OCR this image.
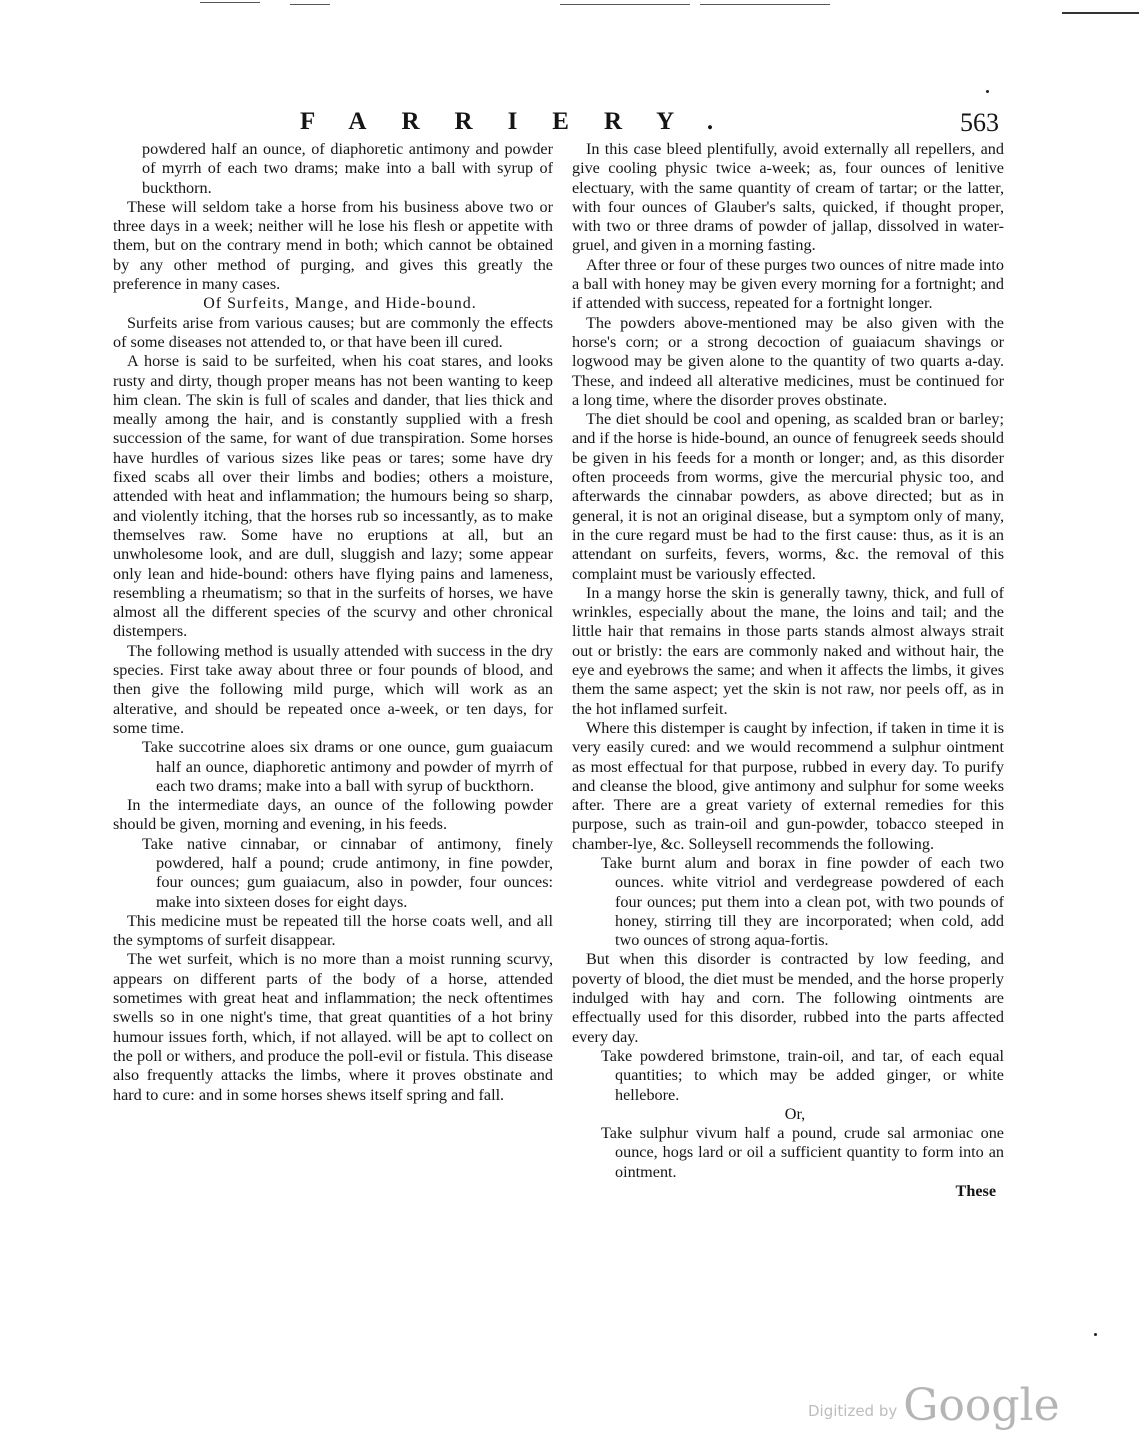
FARRIERY.	563

powdered half an ounce, of diaphoretic antimony and powder of myrrh of each two drams; make into a ball with syrup of buckthorn.

These will seldom take a horse from his business above two or three days in a week; neither will he lose his flesh or appetite with them, but on the contrary mend in both; which cannot be obtained by any other method of purging, and gives this greatly the preference in many cases.

Of Surfeits, Mange, and Hide-bound.

Surfeits arise from various causes; but are commonly the effects of some diseases not attended to, or that have been ill cured.

A horse is said to be surfeited, when his coat stares, and looks rusty and dirty, though proper means has not been wanting to keep him clean. The skin is full of scales and dander, that lies thick and meally among the hair, and is constantly supplied with a fresh succession of the same, for want of due transpiration. Some horses have hurdles of various sizes like peas or tares; some have dry fixed scabs all over their limbs and bodies; others a moisture, attended with heat and inflammation; the humours being so sharp, and violently itching, that the horses rub so incessantly, as to make themselves raw. Some have no eruptions at all, but an unwholesome look, and are dull, sluggish and lazy; some appear only lean and hide-bound: others have flying pains and lameness, resembling a rheumatism; so that in the surfeits of horses, we have almost all the different species of the scurvy and other chronical distempers.

The following method is usually attended with success in the dry species. First take away about three or four pounds of blood, and then give the following mild purge, which will work as an alterative, and should be repeated once a-week, or ten days, for some time.

Take succotrine aloes six drams or one ounce, gum guaiacum half an ounce, diaphoretic antimony and powder of myrrh of each two drams; make into a ball with syrup of buckthorn.

In the intermediate days, an ounce of the following powder should be given, morning and evening, in his feeds.

Take native cinnabar, or cinnabar of antimony, finely powdered, half a pound; crude antimony, in fine powder, four ounces; gum guaiacum, also in powder, four ounces: make into sixteen doses for eight days.

This medicine must be repeated till the horse coats well, and all the symptoms of surfeit disappear.

The wet surfeit, which is no more than a moist running scurvy, appears on different parts of the body of a horse, attended sometimes with great heat and inflammation; the neck oftentimes swells so in one night's time, that great quantities of a hot briny humour issues forth, which, if not allayed. will be apt to collect on the poll or withers, and produce the poll-evil or fistula. This disease also frequently attacks the limbs, where it proves obstinate and hard to cure: and in some horses shews itself spring and fall.

In this case bleed plentifully, avoid externally all repellers, and give cooling physic twice a-week; as, four ounces of lenitive electuary, with the same quantity of cream of tartar; or the latter, with four ounces of Glauber's salts, quicked, if thought proper, with two or three drams of powder of jallap, dissolved in water-gruel, and given in a morning fasting.

After three or four of these purges two ounces of nitre made into a ball with honey may be given every morning for a fortnight; and if attended with success, repeated for a fortnight longer.

The powders above-mentioned may be also given with the horse's corn; or a strong decoction of guaiacum shavings or logwood may be given alone to the quantity of two quarts a-day. These, and indeed all alterative medicines, must be continued for a long time, where the disorder proves obstinate.

The diet should be cool and opening, as scalded bran or barley; and if the horse is hide-bound, an ounce of fenugreek seeds should be given in his feeds for a month or longer; and, as this disorder often proceeds from worms, give the mercurial physic too, and afterwards the cinnabar powders, as above directed; but as in general, it is not an original disease, but a symptom only of many, in the cure regard must be had to the first cause: thus, as it is an attendant on surfeits, fevers, worms, &c. the removal of this complaint must be variously effected.

In a mangy horse the skin is generally tawny, thick, and full of wrinkles, especially about the mane, the loins and tail; and the little hair that remains in those parts stands almost always strait out or bristly: the ears are commonly naked and without hair, the eye and eyebrows the same; and when it affects the limbs, it gives them the same aspect; yet the skin is not raw, nor peels off, as in the hot inflamed surfeit.

Where this distemper is caught by infection, if taken in time it is very easily cured: and we would recommend a sulphur ointment as most effectual for that purpose, rubbed in every day. To purify and cleanse the blood, give antimony and sulphur for some weeks after. There are a great variety of external remedies for this purpose, such as train-oil and gun-powder, tobacco steeped in chamber-lye, &c. Solleysell recommends the following.

Take burnt alum and borax in fine powder of each two ounces. white vitriol and verdegrease powdered of each four ounces; put them into a clean pot, with two pounds of honey, stirring till they are incorporated; when cold, add two ounces of strong aqua-fortis.

But when this disorder is contracted by low feeding, and poverty of blood, the diet must be mended, and the horse properly indulged with hay and corn. The following ointments are effectually used for this disorder, rubbed into the parts affected every day.

Take powdered brimstone, train-oil, and tar, of each equal quantities; to which may be added ginger, or white hellebore.

Or,

Take sulphur vivum half a pound, crude sal armoniac one ounce, hogs lard or oil a sufficient quantity to form into an ointment.

These

Digitized by Google
